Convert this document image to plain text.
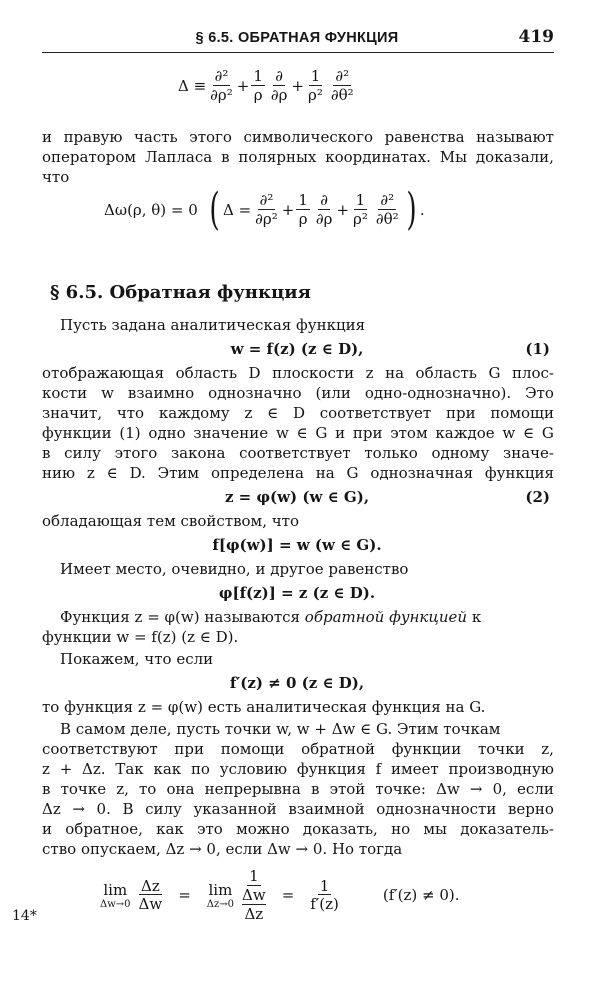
§ 6.5. ОБРАТНАЯ ФУНКЦИЯ	419
Δ ≡
∂²
$\partial\rho^2 + \frac{1}{\rho}$ ∂
$\partial\rho + \frac{1}{\text{ρ²}} \partial^2$
∂θ²
и правую часть этого символического равенства называют
оператором Лапласа в полярных координатах. Мы доказали,
что
Δω(ρ, θ) = 0 ( Δ =
∂²
$\partial\rho^2 + \frac{1}{\rho}$ ∂
$\partial\rho + \frac{1}{\text{ρ²}} \partial^2$
∂θ² ) .
§ 6.5. Обратная функция
Пусть задана аналитическая функция
w = f(z) (z ∈ D),	(1)
отображающая область D плоскости z на область G плос-
кости w взаимно однозначно (или одно-однозначно). Это
значит, что каждому z ∈ D соответствует при помощи
функции (1) одно значение w ∈ G и при этом каждое w ∈ G
в силу этого закона соответствует только одному значе-
нию z ∈ D. Этим определена на G однозначная функция
z = φ(w) (w ∈ G),	(2)
обладающая тем свойством, что
f[φ(w)] = w (w ∈ G).
Имеет место, очевидно, и другое равенство
φ[f(z)] = z (z ∈ D).
Функция z = φ(w) называются обратной функцией к
функции w = f(z) (z ∈ D).
Покажем, что если
f′(z) ≠ 0 (z ∈ D),
то функция z = φ(w) есть аналитическая функция на G.
В самом деле, пусть точки w, w + Δw ∈ G. Этим точкам
соответствуют при помощи обратной функции точки z,
z + Δz. Так как по условию функция f имеет производную
в точке z, то она непрерывна в этой точке: Δw → 0, если
Δz → 0. В силу указанной взаимной однозначности верно
и обратное, как это можно доказать, но мы доказатель-
ство опускаем, Δz → 0, если Δw → 0. Но тогда
lim
$\Delta w\to 0 \frac{\Delta z}{\Delta w} = \lim$
Δz→0
1
Δw
Δz
= $\frac{1}{f'(z)}$	(f′(z) ≠ 0).
14*
